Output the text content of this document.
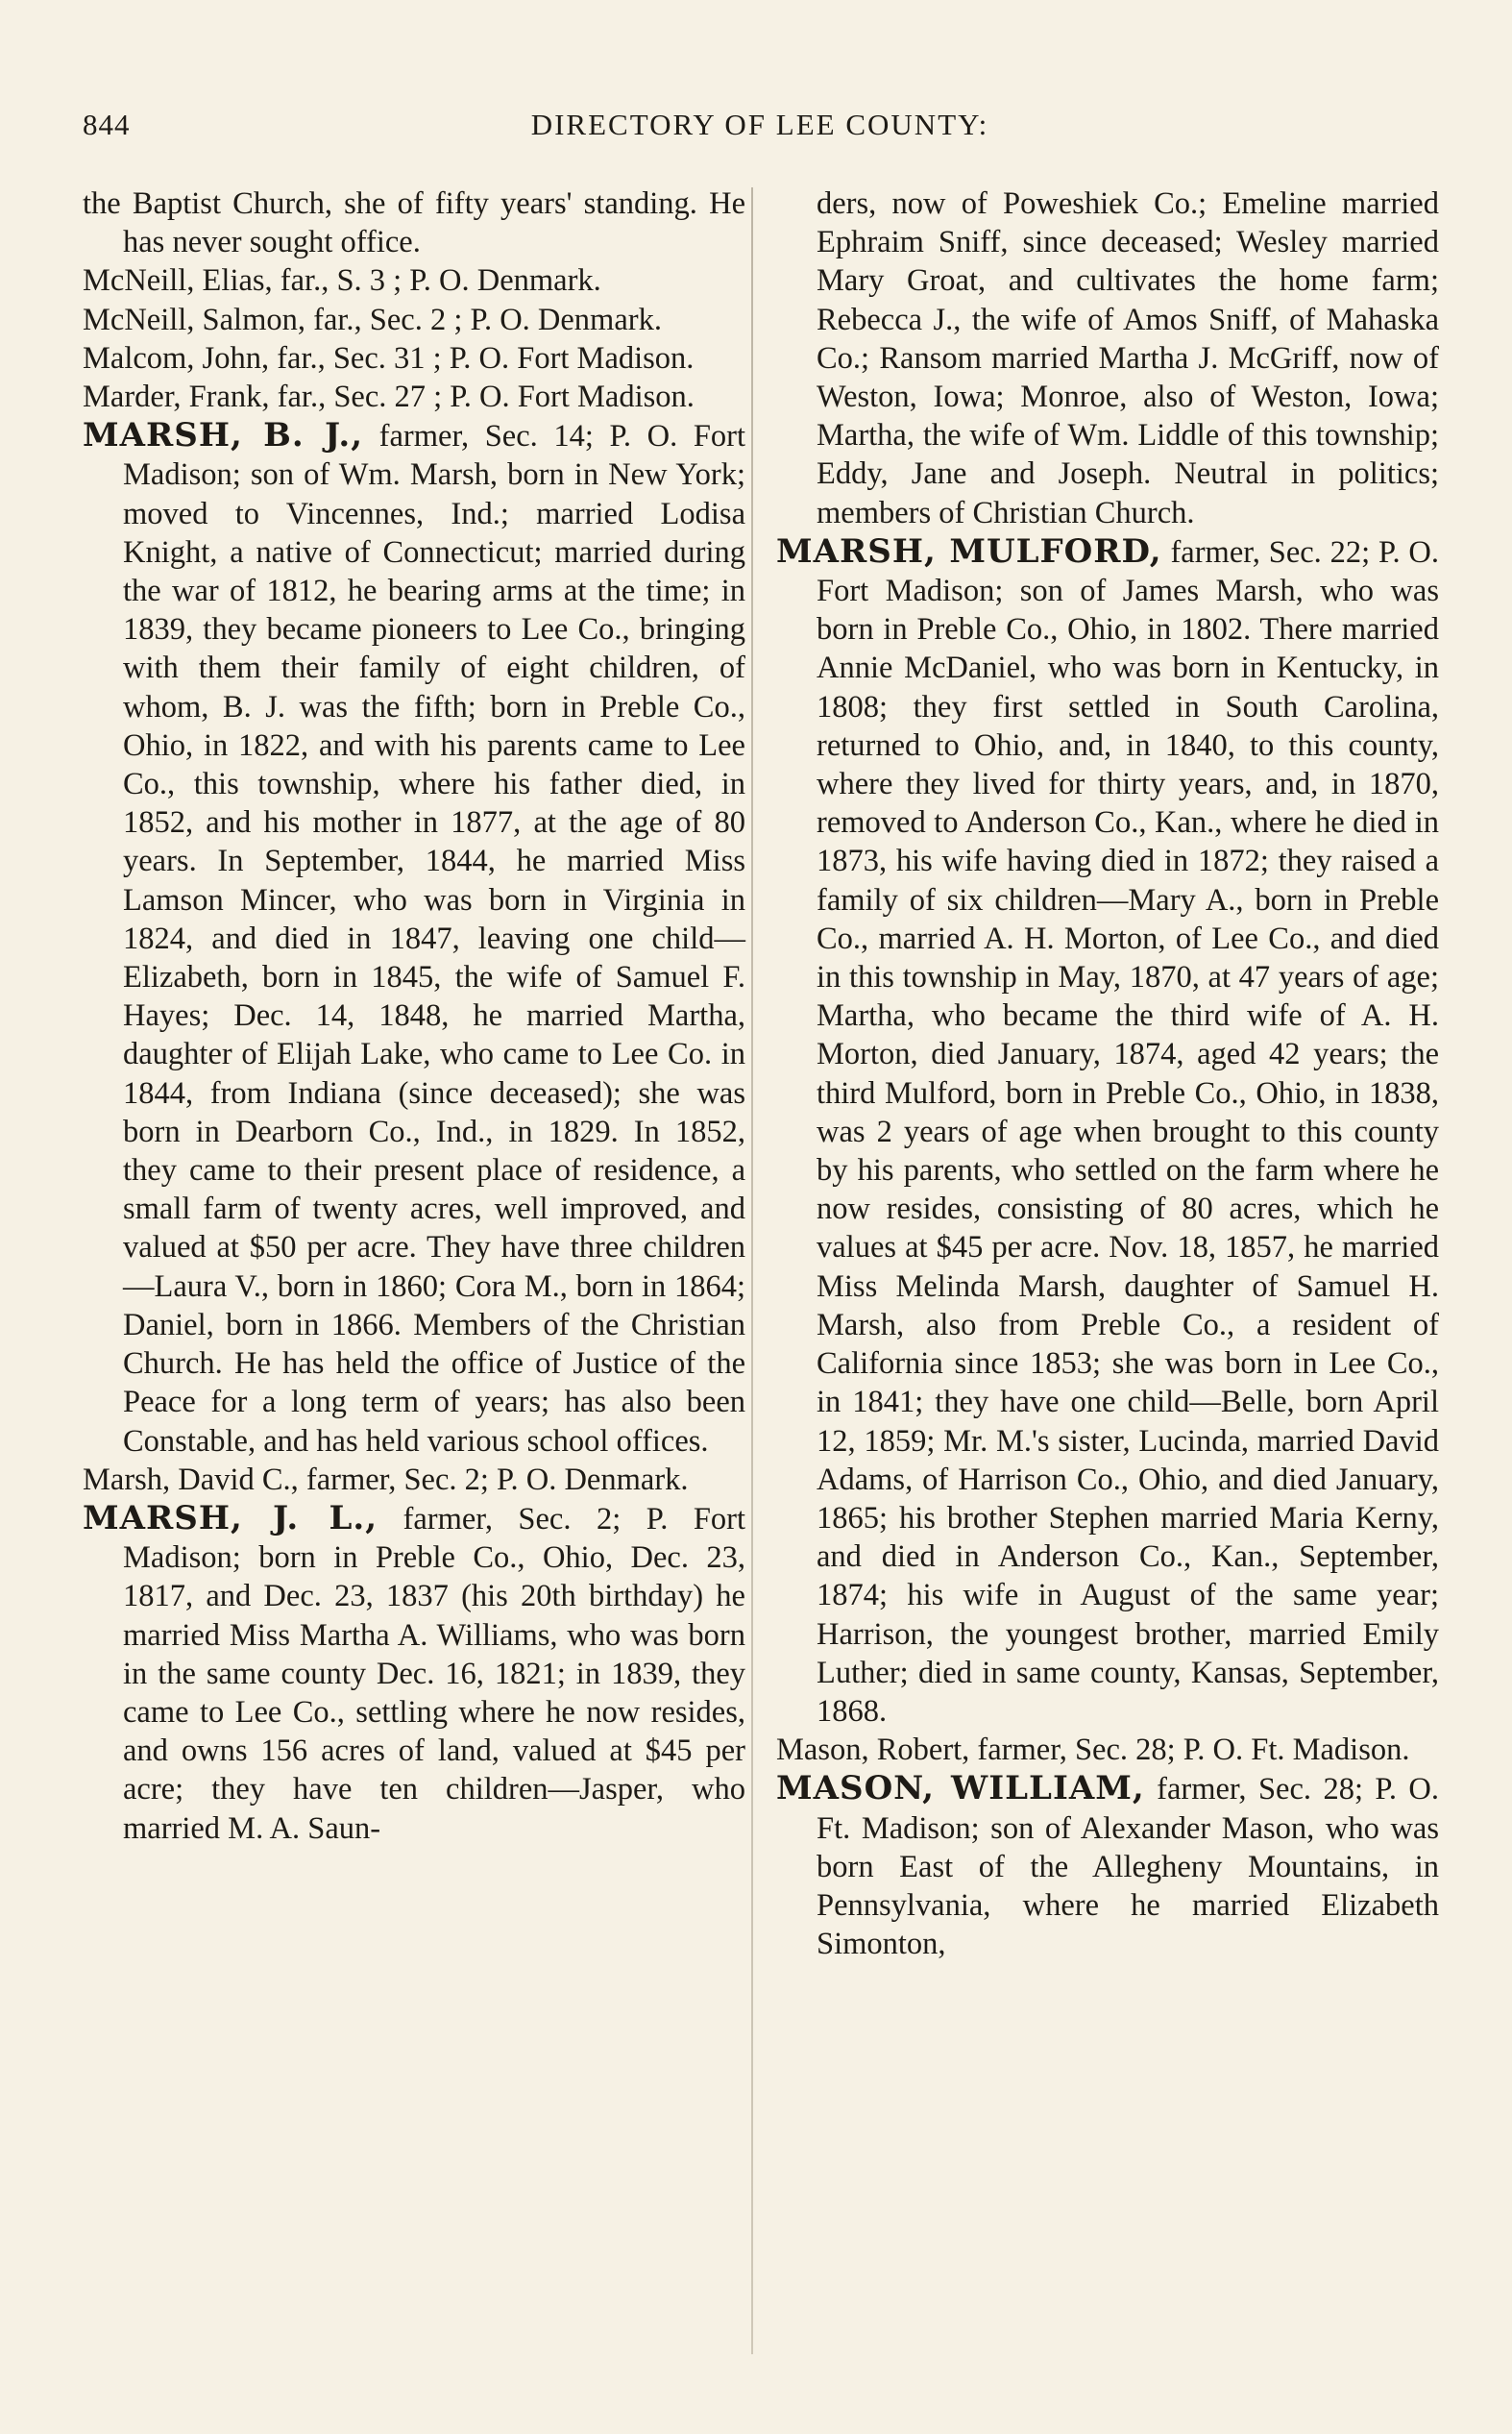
844	DIRECTORY OF LEE COUNTY:

the Baptist Church, she of fifty years' standing. He has never sought office.

McNeill, Elias, far., S. 3 ; P. O. Denmark.

McNeill, Salmon, far., Sec. 2 ; P. O. Denmark.

Malcom, John, far., Sec. 31 ; P. O. Fort Madison.

Marder, Frank, far., Sec. 27 ; P. O. Fort Madison.

MARSH, B. J., farmer, Sec. 14; P. O. Fort Madison; son of Wm. Marsh, born in New York; moved to Vincennes, Ind.; married Lodisa Knight, a native of Connecticut; married during the war of 1812, he bearing arms at the time; in 1839, they became pioneers to Lee Co., bringing with them their family of eight children, of whom, B. J. was the fifth; born in Preble Co., Ohio, in 1822, and with his parents came to Lee Co., this township, where his father died, in 1852, and his mother in 1877, at the age of 80 years. In September, 1844, he married Miss Lamson Mincer, who was born in Virginia in 1824, and died in 1847, leaving one child—Elizabeth, born in 1845, the wife of Samuel F. Hayes; Dec. 14, 1848, he married Martha, daughter of Elijah Lake, who came to Lee Co. in 1844, from Indiana (since deceased); she was born in Dearborn Co., Ind., in 1829. In 1852, they came to their present place of residence, a small farm of twenty acres, well improved, and valued at $50 per acre. They have three children—Laura V., born in 1860; Cora M., born in 1864; Daniel, born in 1866. Members of the Christian Church. He has held the office of Justice of the Peace for a long term of years; has also been Constable, and has held various school offices.

Marsh, David C., farmer, Sec. 2; P. O. Denmark.

MARSH, J. L., farmer, Sec. 2; P. Fort Madison; born in Preble Co., Ohio, Dec. 23, 1817, and Dec. 23, 1837 (his 20th birthday) he married Miss Martha A. Williams, who was born in the same county Dec. 16, 1821; in 1839, they came to Lee Co., settling where he now resides, and owns 156 acres of land, valued at $45 per acre; they have ten children—Jasper, who married M. A. Saun-

ders, now of Poweshiek Co.; Emeline married Ephraim Sniff, since deceased; Wesley married Mary Groat, and cultivates the home farm; Rebecca J., the wife of Amos Sniff, of Mahaska Co.; Ransom married Martha J. McGriff, now of Weston, Iowa; Monroe, also of Weston, Iowa; Martha, the wife of Wm. Liddle of this township; Eddy, Jane and Joseph. Neutral in politics; members of Christian Church.

MARSH, MULFORD, farmer, Sec. 22; P. O. Fort Madison; son of James Marsh, who was born in Preble Co., Ohio, in 1802. There married Annie McDaniel, who was born in Kentucky, in 1808; they first settled in South Carolina, returned to Ohio, and, in 1840, to this county, where they lived for thirty years, and, in 1870, removed to Anderson Co., Kan., where he died in 1873, his wife having died in 1872; they raised a family of six children—Mary A., born in Preble Co., married A. H. Morton, of Lee Co., and died in this township in May, 1870, at 47 years of age; Martha, who became the third wife of A. H. Morton, died January, 1874, aged 42 years; the third Mulford, born in Preble Co., Ohio, in 1838, was 2 years of age when brought to this county by his parents, who settled on the farm where he now resides, consisting of 80 acres, which he values at $45 per acre. Nov. 18, 1857, he married Miss Melinda Marsh, daughter of Samuel H. Marsh, also from Preble Co., a resident of California since 1853; she was born in Lee Co., in 1841; they have one child—Belle, born April 12, 1859; Mr. M.'s sister, Lucinda, married David Adams, of Harrison Co., Ohio, and died January, 1865; his brother Stephen married Maria Kerny, and died in Anderson Co., Kan., September, 1874; his wife in August of the same year; Harrison, the youngest brother, married Emily Luther; died in same county, Kansas, September, 1868.

Mason, Robert, farmer, Sec. 28; P. O. Ft. Madison.

MASON, WILLIAM, farmer, Sec. 28; P. O. Ft. Madison; son of Alexander Mason, who was born East of the Allegheny Mountains, in Pennsylvania, where he married Elizabeth Simonton,
